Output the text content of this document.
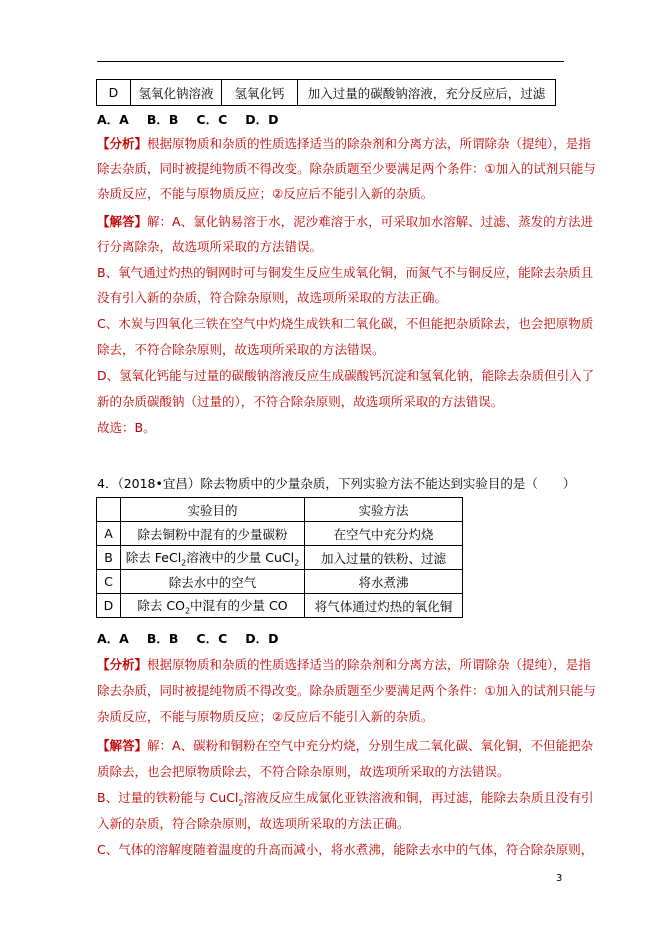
D	氢氧化钠溶液	氢氧化钙	加入过量的碳酸钠溶液，充分反应后，过滤
A．A B．B C．C D．D
【分析】根据原物质和杂质的性质选择适当的除杂剂和分离方法，所谓除杂（提纯），是指
除去杂质，同时被提纯物质不得改变。除杂质题至少要满足两个条件：①加入的试剂只能与
杂质反应，不能与原物质反应；②反应后不能引入新的杂质。
【解答】解：A、氯化钠易溶于水，泥沙难溶于水，可采取加水溶解、过滤、蒸发的方法进
行分离除杂，故选项所采取的方法错误。
B、氧气通过灼热的铜网时可与铜发生反应生成氧化铜，而氮气不与铜反应，能除去杂质且
没有引入新的杂质，符合除杂原则，故选项所采取的方法正确。
C、木炭与四氧化三铁在空气中灼烧生成铁和二氧化碳，不但能把杂质除去，也会把原物质
除去，不符合除杂原则，故选项所采取的方法错误。
D、氢氧化钙能与过量的碳酸钠溶液反应生成碳酸钙沉淀和氢氧化钠，能除去杂质但引入了
新的杂质碳酸钠（过量的），不符合除杂原则，故选项所采取的方法错误。
故选：B。
4．（2018•宜昌）除去物质中的少量杂质，下列实验方法不能达到实验目的是（　　）
	实验目的	实验方法
A	除去铜粉中混有的少量碳粉	在空气中充分灼烧
B	除去 FeCl$_2$溶液中的少量 CuCl$_2$	加入过量的铁粉、过滤
C	除去水中的空气	将水煮沸
D	除去 $CO_2$中混有的少量 CO	将气体通过灼热的氧化铜
A．A B．B C．C D．D
【分析】根据原物质和杂质的性质选择适当的除杂剂和分离方法，所谓除杂（提纯），是指
除去杂质，同时被提纯物质不得改变。除杂质题至少要满足两个条件：①加入的试剂只能与
杂质反应，不能与原物质反应；②反应后不能引入新的杂质。
【解答】解：A、碳粉和铜粉在空气中充分灼烧，分别生成二氧化碳、氧化铜，不但能把杂
质除去，也会把原物质除去，不符合除杂原则，故选项所采取的方法错误。
B、过量的铁粉能与 CuCl$_2$溶液反应生成氯化亚铁溶液和铜，再过滤，能除去杂质且没有引
入新的杂质，符合除杂原则，故选项所采取的方法正确。
C、气体的溶解度随着温度的升高而减小，将水煮沸，能除去水中的气体，符合除杂原则，
3
